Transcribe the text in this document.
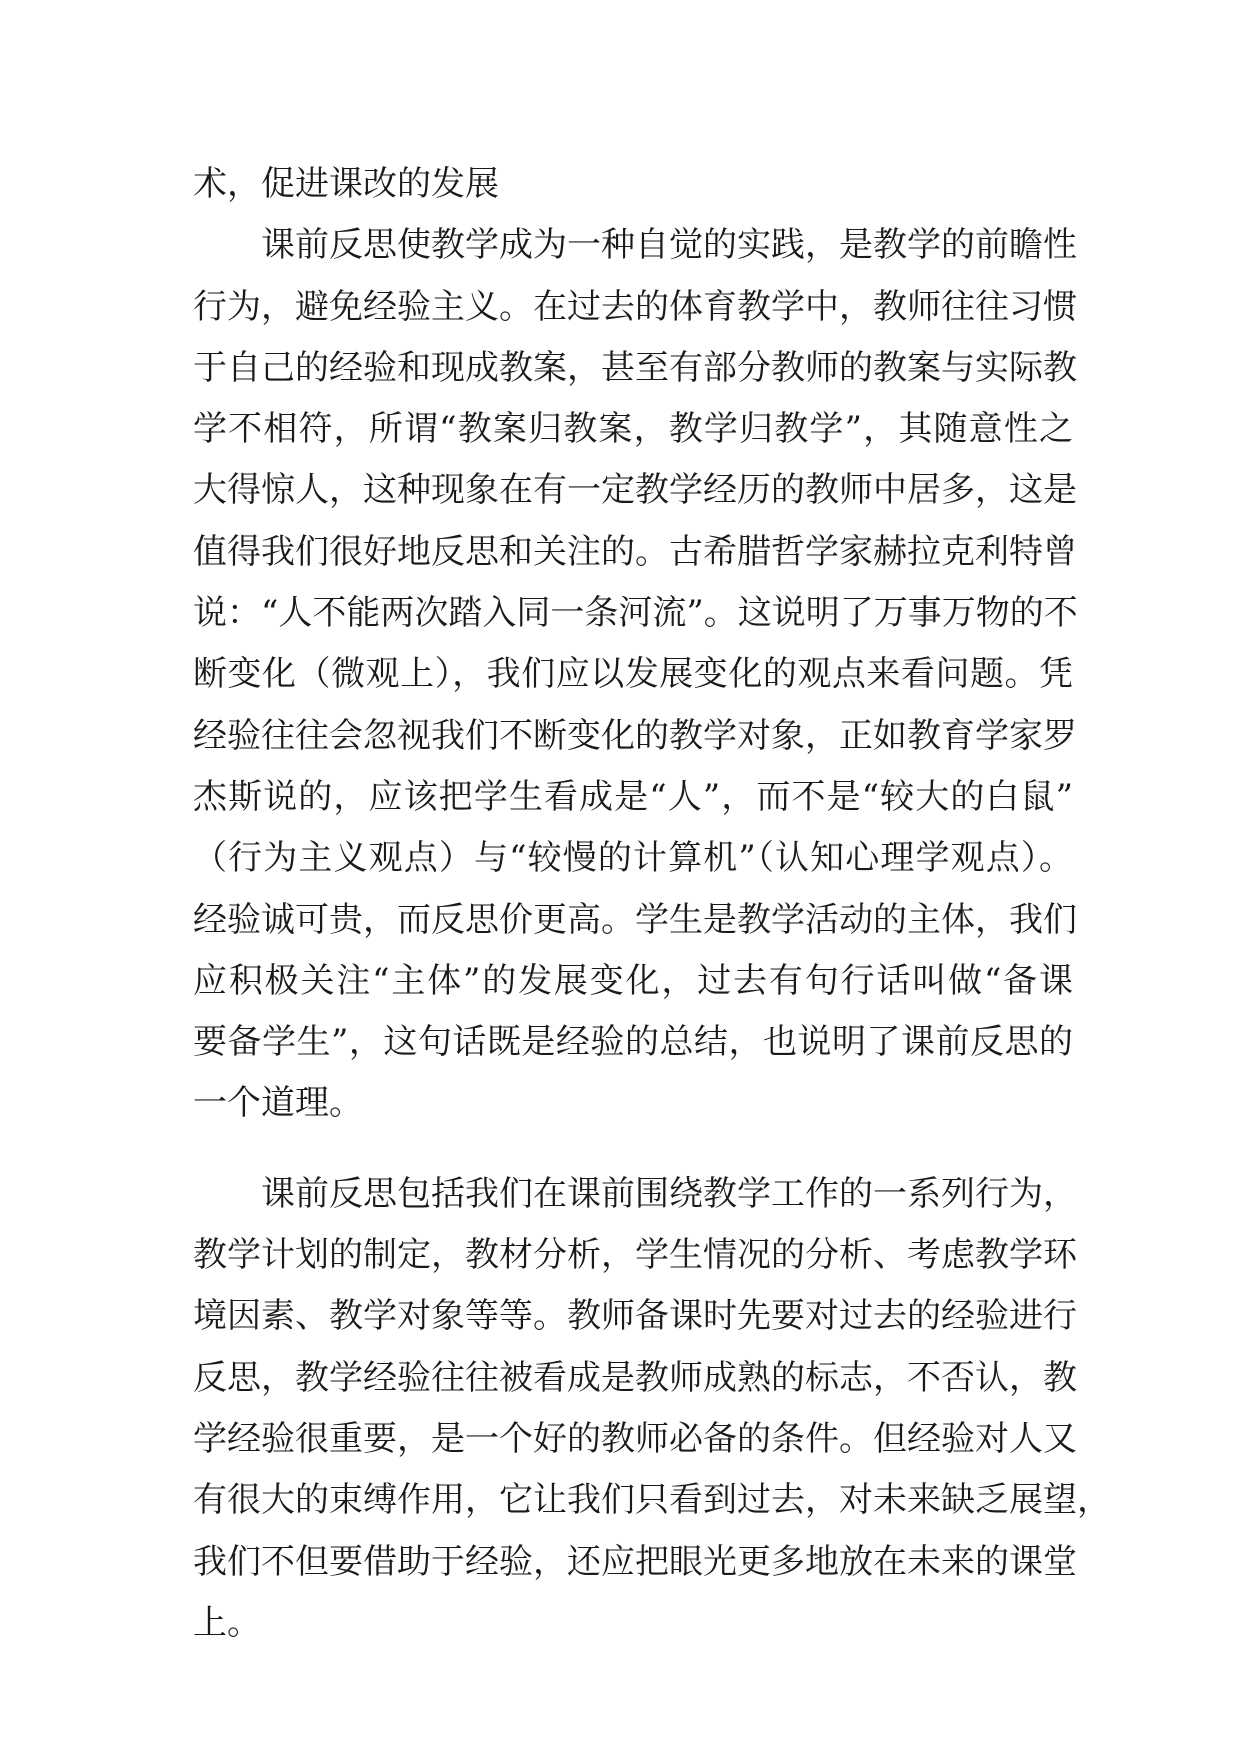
术，促进课改的发展
　　课前反思使教学成为一种自觉的实践，是教学的前瞻性
行为，避免经验主义。在过去的体育教学中，教师往往习惯
于自己的经验和现成教案，甚至有部分教师的教案与实际教
学不相符，所谓“教案归教案，教学归教学”，其随意性之
大得惊人，这种现象在有一定教学经历的教师中居多，这是
值得我们很好地反思和关注的。古希腊哲学家赫拉克利特曾
说：“人不能两次踏入同一条河流”。这说明了万事万物的不
断变化（微观上），我们应以发展变化的观点来看问题。凭
经验往往会忽视我们不断变化的教学对象，正如教育学家罗
杰斯说的，应该把学生看成是“人”，而不是“较大的白鼠”
（行为主义观点）与“较慢的计算机”（认知心理学观点）。
经验诚可贵，而反思价更高。学生是教学活动的主体，我们
应积极关注“主体”的发展变化，过去有句行话叫做“备课
要备学生”，这句话既是经验的总结，也说明了课前反思的
一个道理。
　　课前反思包括我们在课前围绕教学工作的一系列行为，
教学计划的制定，教材分析，学生情况的分析、考虑教学环
境因素、教学对象等等。教师备课时先要对过去的经验进行
反思，教学经验往往被看成是教师成熟的标志，不否认，教
学经验很重要，是一个好的教师必备的条件。但经验对人又
有很大的束缚作用，它让我们只看到过去，对未来缺乏展望，
我们不但要借助于经验，还应把眼光更多地放在未来的课堂
上。
